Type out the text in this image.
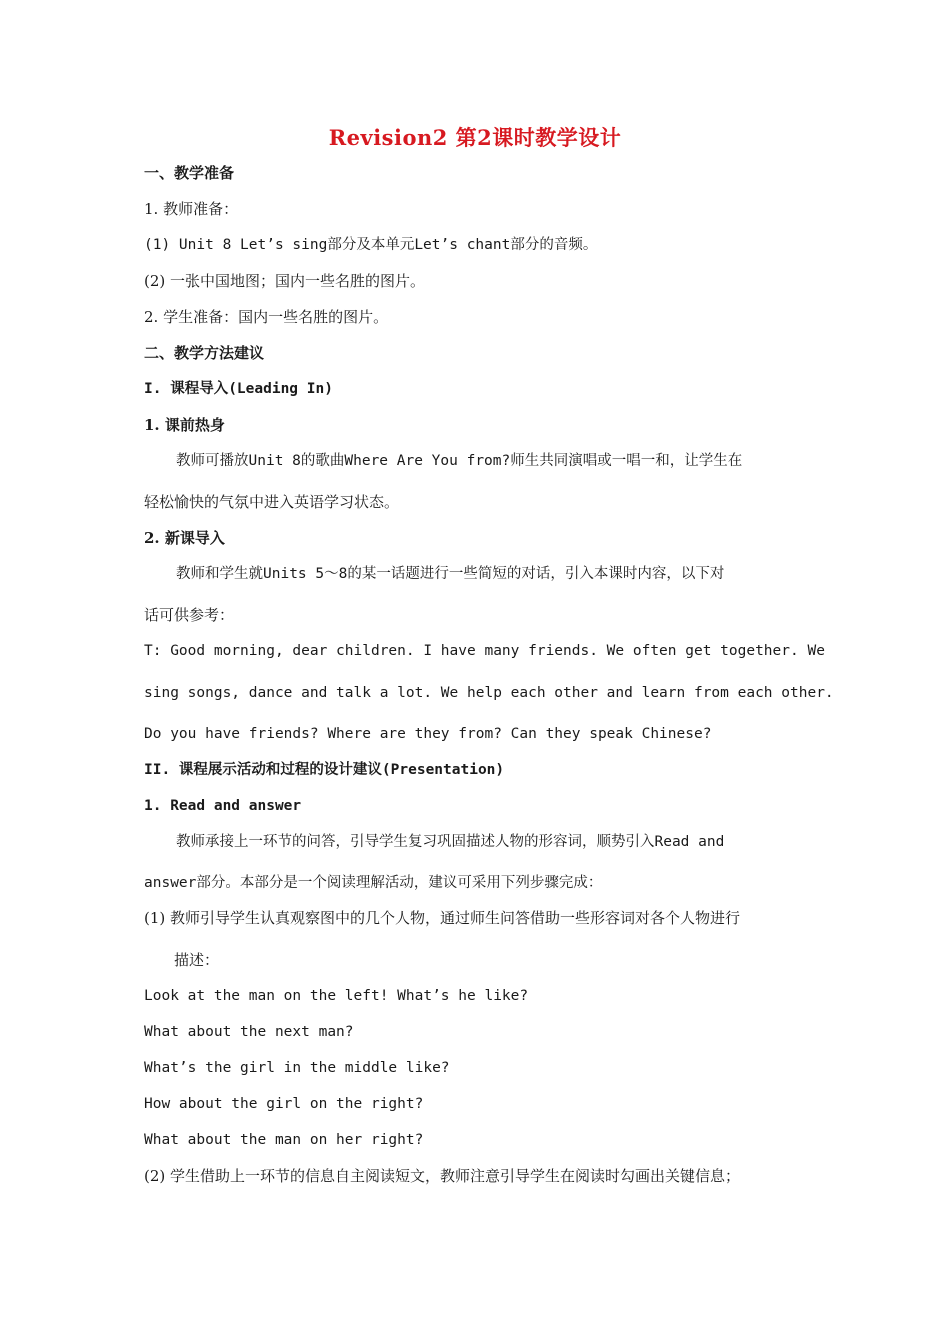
Revision2 第2课时教学设计
一、教学准备
1. 教师准备：
(1) Unit 8 Let’s sing部分及本单元Let’s chant部分的音频。
(2) 一张中国地图；国内一些名胜的图片。
2. 学生准备：国内一些名胜的图片。
二、教学方法建议
I. 课程导入(Leading In)
1. 课前热身
教师可播放Unit 8的歌曲Where Are You from?师生共同演唱或一唱一和，让学生在
轻松愉快的气氛中进入英语学习状态。
2. 新课导入
教师和学生就Units 5〜8的某一话题进行一些简短的对话，引入本课时内容，以下对
话可供参考：
T: Good morning, dear children. I have many friends. We often get together. We
sing songs, dance and talk a lot. We help each other and learn from each other.
Do you have friends? Where are they from? Can they speak Chinese?
II. 课程展示活动和过程的设计建议(Presentation)
1. Read and answer
教师承接上一环节的问答，引导学生复习巩固描述人物的形容词，顺势引入Read and
answer部分。本部分是一个阅读理解活动，建议可采用下列步骤完成：
(1) 教师引导学生认真观察图中的几个人物，通过师生问答借助一些形容词对各个人物进行
描述：
Look at the man on the left! What’s he like?
What about the next man?
What’s the girl in the middle like?
How about the girl on the right?
What about the man on her right?
(2) 学生借助上一环节的信息自主阅读短文，教师注意引导学生在阅读时勾画出关键信息；
